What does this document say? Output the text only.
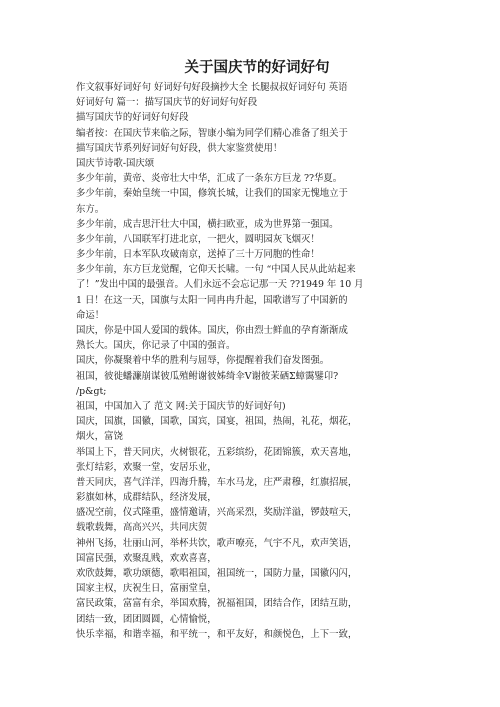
关于国庆节的好词好句
作文叙事好词好句 好词好句好段摘抄大全 长腿叔叔好词好句 英语
好词好句 篇一：描写国庆节的好词好句好段
描写国庆节的好词好句好段
编者按：在国庆节来临之际，智康小编为同学们精心准备了组关于
描写国庆节系列好词好句好段，供大家鉴赏使用！
国庆节诗歌-国庆颂
多少年前，黄帝、炎帝壮大中华，汇成了一条东方巨龙 ??华夏。
多少年前，秦始皇统一中国，修筑长城，让我们的国家无愧地立于
东方。
多少年前，成吉思汗壮大中国，横扫欧亚，成为世界第一强国。
多少年前，八国联军打进北京，一把火，圆明园灰飞烟灭！
多少年前，日本军队攻破南京，送掉了三十万同胞的性命！
多少年前，东方巨龙觉醒，它仰天长啸。一句 “中国人民从此站起来
了！”发出中国的最强音。人们永远不会忘记那一天 ??1949 年 10 月
1 日！在这一天，国旗与太阳一同冉冉升起，国歌谱写了中国新的
命运！
国庆，你是中国人爱国的载体。国庆，你由烈士鲜血的孕育渐渐成
熟长大。国庆，你记录了中国的强音。
国庆，你凝聚着中华的胜利与屈辱，你提醒着我们奋发图强。
祖国，彼徙蟠濂崩谋彼瓜殖鲋谢彼姊绮伞Ⅴ谢彼茉硒Σ蟑霭鐾卬?
/p&gt;
祖国，中国加入了 范文 网:关于国庆节的好词好句)
国庆，国旗，国徽，国歌，国宾，国宴，祖国，热闹，礼花，烟花，
烟火，富饶
举国上下，普天同庆，火树银花，五彩缤纷，花团锦簇，欢天喜地，
张灯结彩，欢聚一堂，安居乐业，
普天同庆，喜气洋洋，四海升腾，车水马龙，庄严肃穆，红旗招展，
彩旗如林，成群结队，经济发展，
盛况空前，仪式隆重，盛情邀请，兴高采烈，奖励洋溢，锣鼓喧天，
载歌载舞，高高兴兴，共同庆贺
神州飞扬，壮丽山河，举杯共饮，歌声嘹亮，气宇不凡，欢声笑语，
国富民强，欢聚乱贱，欢欢喜喜，
欢欣鼓舞，歌功颂德，歌唱祖国，祖国统一，国防力量，国徽闪闪，
国家主权，庆祝生日，富丽堂皇，
富民政策，富富有余，举国欢腾，祝福祖国，团结合作，团结互助，
团结一致，团团圆圆，心情愉悦，
快乐幸福，和谐幸福，和平统一，和平友好，和颜悦色，上下一致，
